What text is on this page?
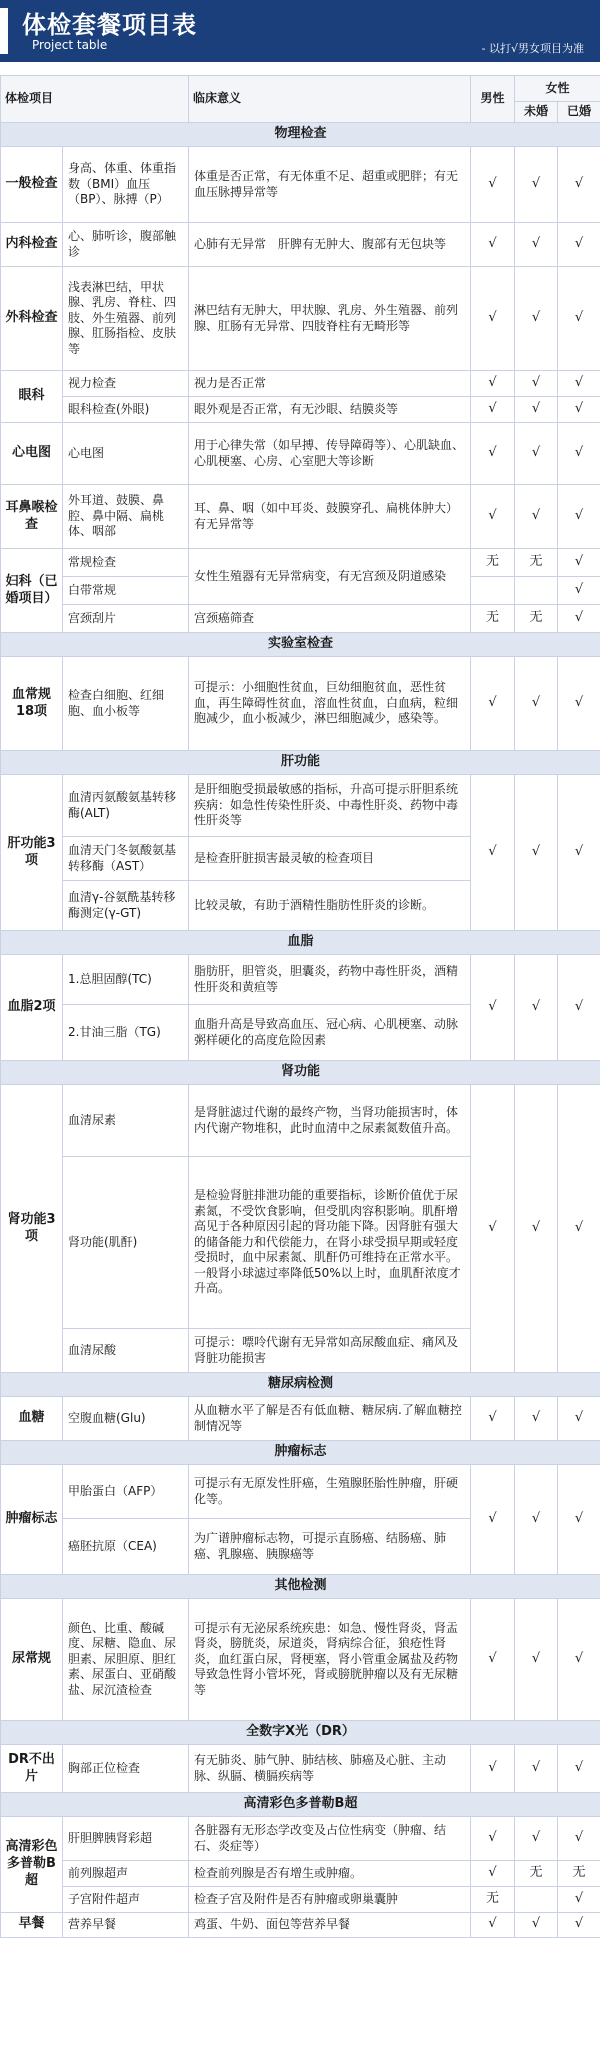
体检套餐项目表
Project table	- 以打√男女项目为准
体检项目		临床意义	男性	女性	
				未婚	已婚
物理检查					
一般检查	身高、体重、体重指数（BMI）血压（BP）、脉搏（P）	体重是否正常，有无体重不足、超重或肥胖；有无血压脉搏异常等	√	√	√
内科检查	心、肺听诊，腹部触诊	心肺有无异常　肝脾有无肿大、腹部有无包块等	√	√	√
外科检查	浅表淋巴结，甲状腺、乳房、脊柱、四肢、外生殖器、前列腺、肛肠指检、皮肤等	淋巴结有无肿大，甲状腺、乳房、外生殖器、前列腺、肛肠有无异常、四肢脊柱有无畸形等	√	√	√
眼科	视力检查	视力是否正常	√	√	√
	眼科检查(外眼)	眼外观是否正常，有无沙眼、结膜炎等	√	√	√
心电图	心电图	用于心律失常（如早搏、传导障碍等）、心肌缺血、心肌梗塞、心房、心室肥大等诊断	√	√	√
耳鼻喉检查	外耳道、鼓膜、鼻腔、鼻中隔、扁桃体、咽部	耳、鼻、咽（如中耳炎、鼓膜穿孔、扁桃体肿大）有无异常等	√	√	√
妇科（已婚项目）	常规检查	女性生殖器有无异常病变，有无宫颈及阴道感染	无	无	√
	白带常规				√
	宫颈刮片	宫颈癌筛查	无	无	√
实验室检查					
血常规18项	检查白细胞、红细胞、血小板等	可提示：小细胞性贫血，巨幼细胞贫血，恶性贫血，再生障碍性贫血，溶血性贫血，白血病，粒细胞减少，血小板减少，淋巴细胞减少，感染等。	√	√	√
肝功能					
肝功能3项	血清丙氨酸氨基转移酶(ALT)	是肝细胞受损最敏感的指标，升高可提示肝胆系统疾病：如急性传染性肝炎、中毒性肝炎、药物中毒性肝炎等	√	√	√
	血清天门冬氨酸氨基转移酶（AST）	是检查肝脏损害最灵敏的检查项目			
	血清γ-谷氨酰基转移酶测定(γ-GT)	比较灵敏，有助于酒精性脂肪性肝炎的诊断。			
血脂					
血脂2项	1.总胆固醇(TC)	脂肪肝，胆管炎，胆囊炎，药物中毒性肝炎，酒精性肝炎和黄疸等	√	√	√
	2.甘油三脂（TG)	血脂升高是导致高血压、冠心病、心肌梗塞、动脉粥样硬化的高度危险因素			
肾功能					
肾功能3项	血清尿素	是肾脏滤过代谢的最终产物，当肾功能损害时，体内代谢产物堆积，此时血清中之尿素氮数值升高。	√	√	√
	肾功能(肌酐)	是检验肾脏排泄功能的重要指标，诊断价值优于尿素氮，不受饮食影响，但受肌肉容积影响。肌酐增高见于各种原因引起的肾功能下降。因肾脏有强大的储备能力和代偿能力，在肾小球受损早期或轻度受损时，血中尿素氮、肌酐仍可维持在正常水平。一般肾小球滤过率降低50%以上时，血肌酐浓度才升高。			
	血清尿酸	可提示：嘌呤代谢有无异常如高尿酸血症、痛风及肾脏功能损害			
糖尿病检测					
血糖	空腹血糖(Glu)	从血糖水平了解是否有低血糖、糖尿病.了解血糖控制情况等	√	√	√
肿瘤标志					
肿瘤标志	甲胎蛋白（AFP）	可提示有无原发性肝癌，生殖腺胚胎性肿瘤，肝硬化等。	√	√	√
	癌胚抗原（CEA)	为广谱肿瘤标志物，可提示直肠癌、结肠癌、肺癌、乳腺癌、胰腺癌等			
其他检测					
尿常规	颜色、比重、酸碱度、尿糖、隐血、尿胆素、尿胆原、胆红素、尿蛋白、亚硝酸盐、尿沉渣检查	可提示有无泌尿系统疾患：如急、慢性肾炎，肾盂肾炎，膀胱炎，尿道炎，肾病综合征，狼疮性肾炎，血红蛋白尿，肾梗塞，肾小管重金属盐及药物导致急性肾小管坏死，肾或膀胱肿瘤以及有无尿糖等	√	√	√
全数字X光（DR）					
DR不出片	胸部正位检查	有无肺炎、肺气肿、肺结核、肺癌及心脏、主动脉、纵膈、横膈疾病等	√	√	√
高清彩色多普勒B超					
高清彩色多普勒B超	肝胆脾胰肾彩超	各脏器有无形态学改变及占位性病变（肿瘤、结石、炎症等）	√	√	√
	前列腺超声	检查前列腺是否有增生或肿瘤。	√	无	无
	子宫附件超声	检查子宫及附件是否有肿瘤或卵巢囊肿	无		√
早餐	营养早餐	鸡蛋、牛奶、面包等营养早餐	√	√	√
